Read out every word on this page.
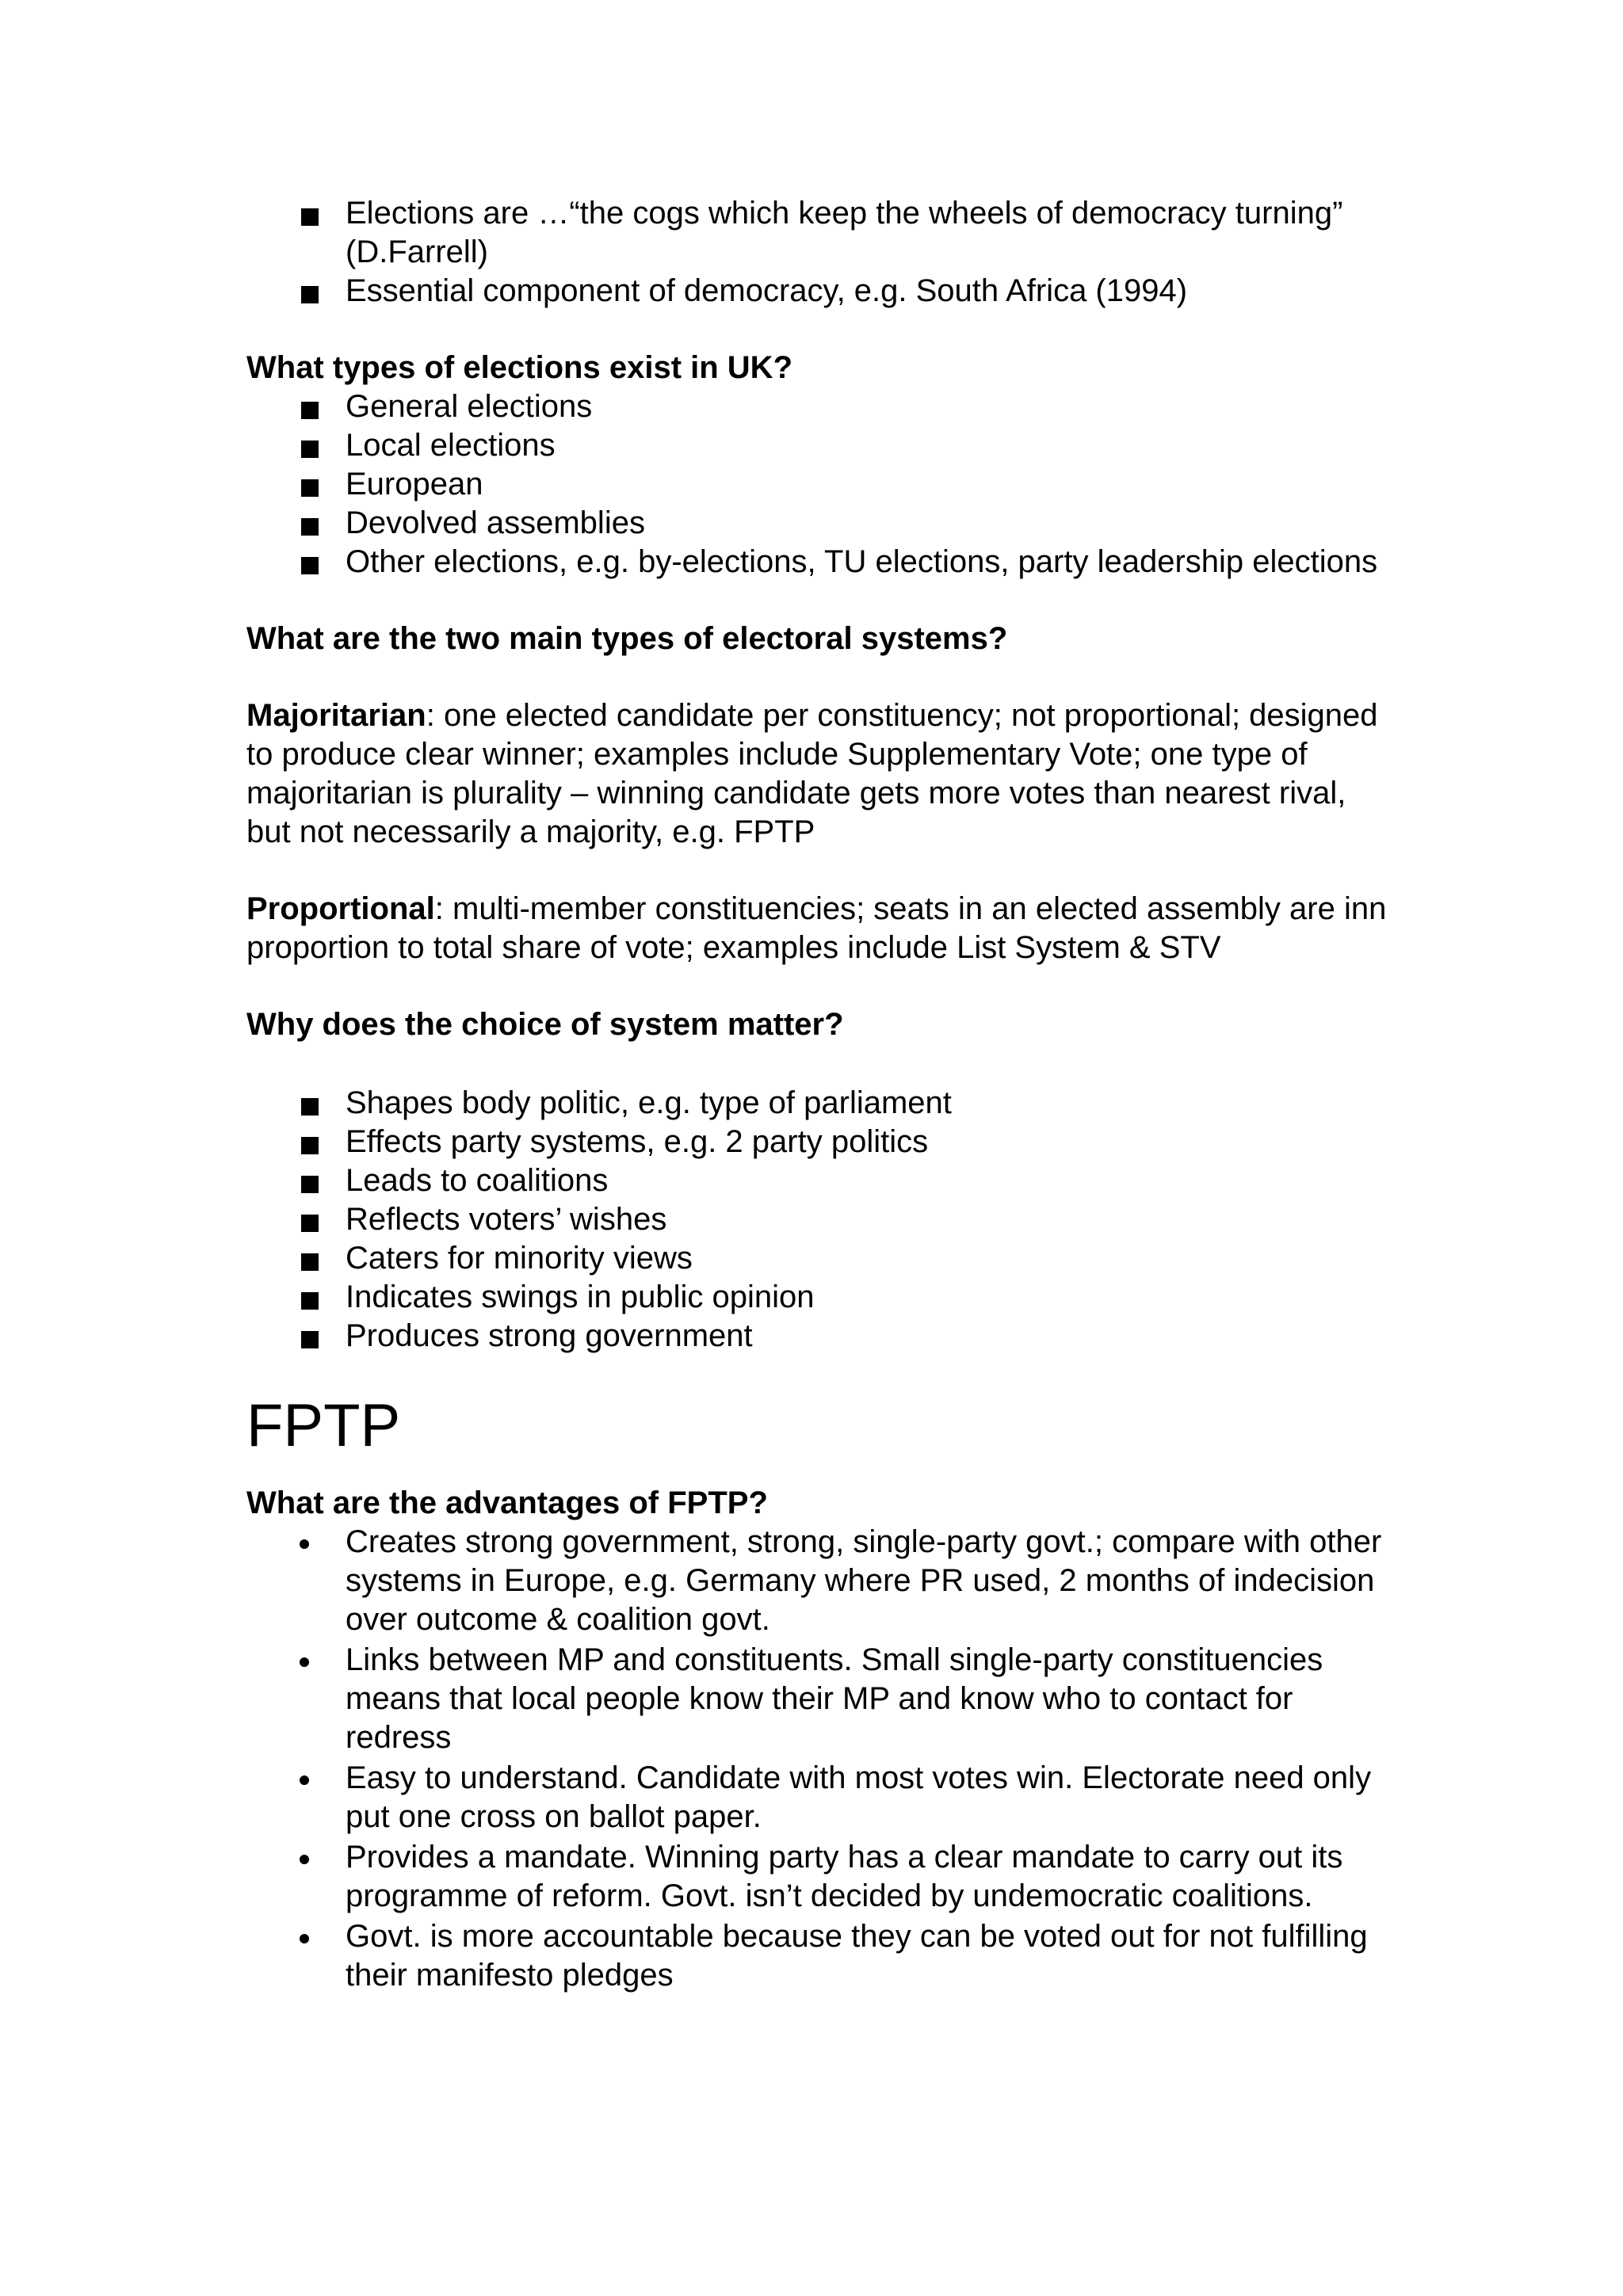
Elections are …“the cogs which keep the wheels of democracy turning” (D.Farrell)
Essential component of democracy, e.g. South Africa (1994)

What types of elections exist in UK?

General elections
Local elections
European
Devolved assemblies
Other elections, e.g. by-elections, TU elections, party leadership elections

What are the two main types of electoral systems?

Majoritarian: one elected candidate per constituency; not proportional; designed to produce clear winner; examples include Supplementary Vote; one type of majoritarian is plurality – winning candidate gets more votes than nearest rival, but not necessarily a majority, e.g. FPTP

Proportional: multi-member constituencies; seats in an elected assembly are inn proportion to total share of vote; examples include List System & STV

Why does the choice of system matter?

Shapes body politic, e.g. type of parliament
Effects party systems, e.g. 2 party politics
Leads to coalitions
Reflects voters’ wishes
Caters for minority views
Indicates swings in public opinion
Produces strong government

FPTP

What are the advantages of FPTP?

Creates strong government, strong, single-party govt.; compare with other systems in Europe, e.g. Germany where PR used, 2 months of indecision over outcome & coalition govt.
Links between MP and constituents. Small single-party constituencies means that local people know their MP and know who to contact for redress
Easy to understand. Candidate with most votes win. Electorate need only put one cross on ballot paper.
Provides a mandate. Winning party has a clear mandate to carry out its programme of reform. Govt. isn’t decided by undemocratic coalitions.
Govt. is more accountable because they can be voted out for not fulfilling their manifesto pledges
